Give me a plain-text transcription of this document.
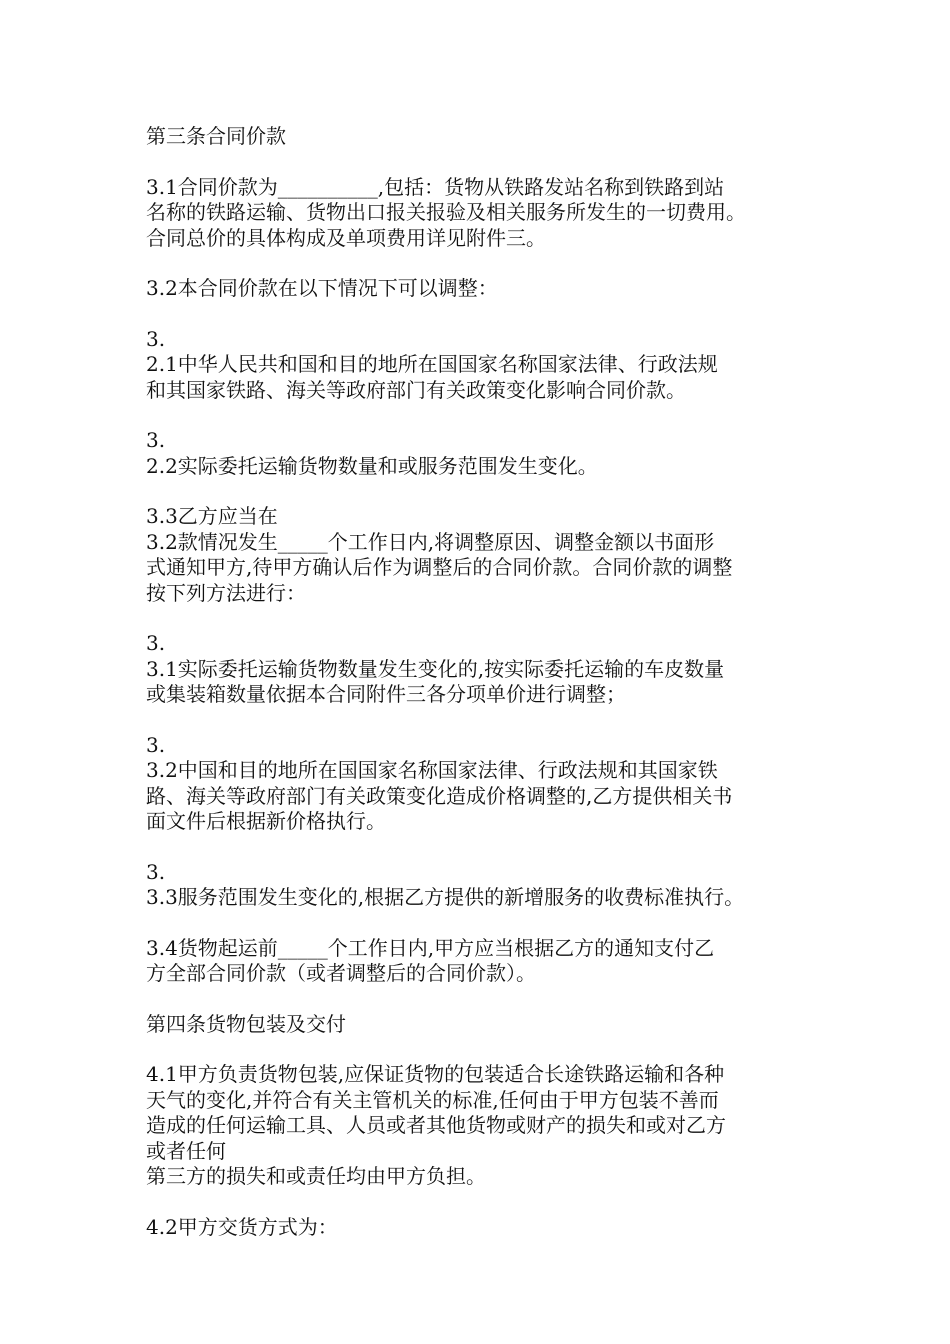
第三条合同价款
3.1合同价款为__________,包括：货物从铁路发站名称到铁路到站
名称的铁路运输、货物出口报关报验及相关服务所发生的一切费用。
合同总价的具体构成及单项费用详见附件三。
3.2本合同价款在以下情况下可以调整：
3.
2.1中华人民共和国和目的地所在国国家名称国家法律、行政法规
和其国家铁路、海关等政府部门有关政策变化影响合同价款。
3.
2.2实际委托运输货物数量和或服务范围发生变化。
3.3乙方应当在
3.2款情况发生_____个工作日内,将调整原因、调整金额以书面形
式通知甲方,待甲方确认后作为调整后的合同价款。合同价款的调整
按下列方法进行：
3.
3.1实际委托运输货物数量发生变化的,按实际委托运输的车皮数量
或集装箱数量依据本合同附件三各分项单价进行调整；
3.
3.2中国和目的地所在国国家名称国家法律、行政法规和其国家铁
路、海关等政府部门有关政策变化造成价格调整的,乙方提供相关书
面文件后根据新价格执行。
3.
3.3服务范围发生变化的,根据乙方提供的新增服务的收费标准执行。
3.4货物起运前_____个工作日内,甲方应当根据乙方的通知支付乙
方全部合同价款（或者调整后的合同价款）。
第四条货物包装及交付
4.1甲方负责货物包装,应保证货物的包装适合长途铁路运输和各种
天气的变化,并符合有关主管机关的标准,任何由于甲方包装不善而
造成的任何运输工具、人员或者其他货物或财产的损失和或对乙方
或者任何
第三方的损失和或责任均由甲方负担。
4.2甲方交货方式为：
